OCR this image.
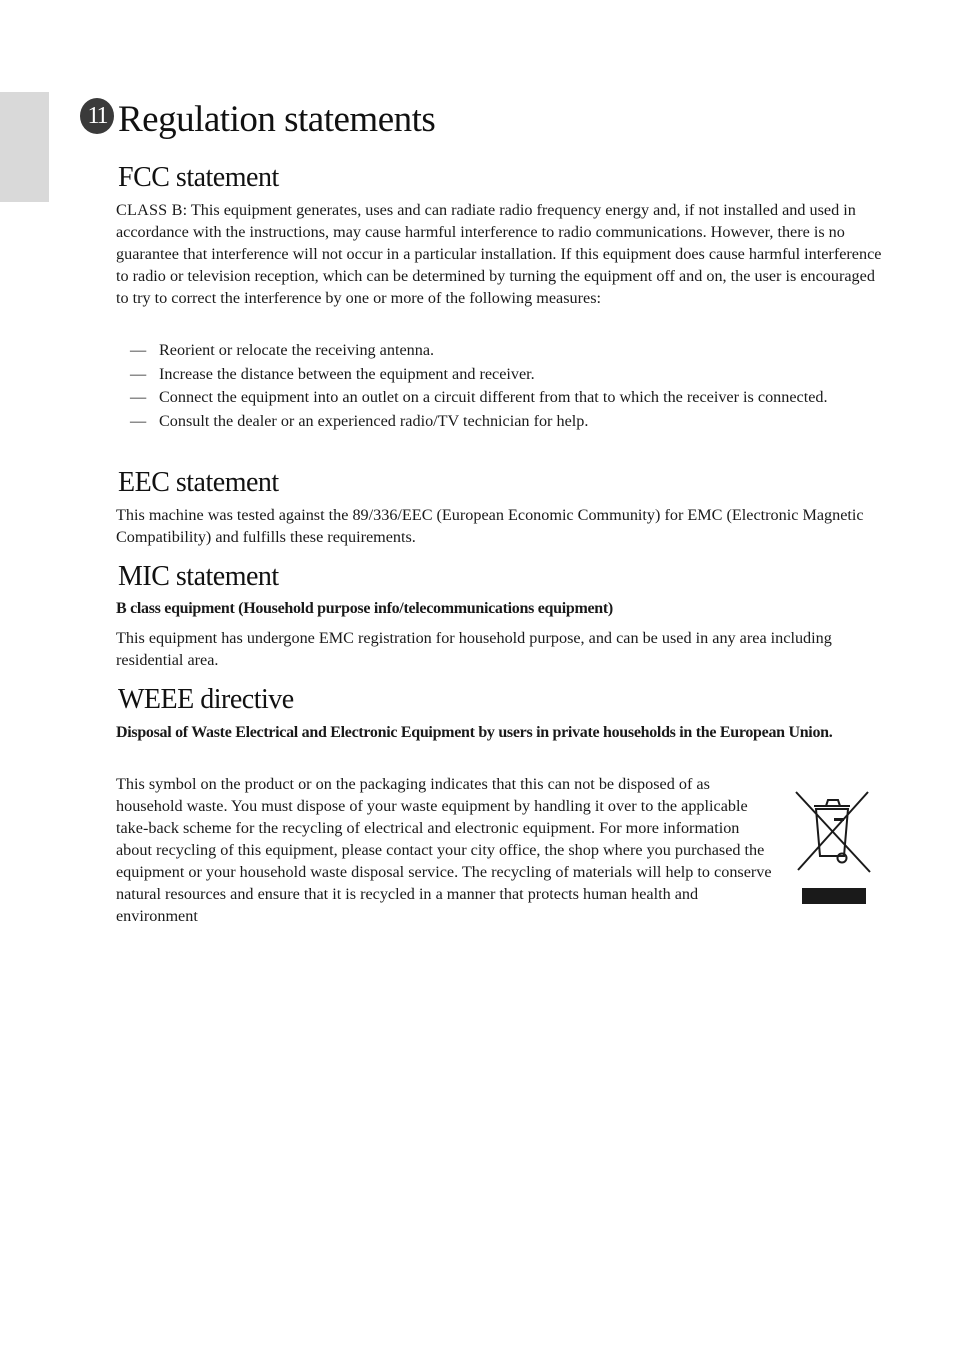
11 Regulation statements
FCC statement

CLASS B: This equipment generates, uses and can radiate radio frequency energy and, if not installed and used in accordance with the instructions, may cause harmful interference to radio communications. However, there is no guarantee that interference will not occur in a particular installation. If this equipment does cause harmful interference to radio or television reception, which can be determined by turning the equipment off and on, the user is encouraged to try to correct the interference by one or more of the following measures:

— Reorient or relocate the receiving antenna.
— Increase the distance between the equipment and receiver.
— Connect the equipment into an outlet on a circuit different from that to which the receiver is connected.
— Consult the dealer or an experienced radio/TV technician for help.
EEC statement

This machine was tested against the 89/336/EEC (European Economic Community) for EMC (Electronic Magnetic Compatibility) and fulfills these requirements.

MIC statement

B class equipment (Household purpose info/telecommunications equipment)

This equipment has undergone EMC registration for household purpose, and can be used in any area including residential area.

WEEE directive

Disposal of Waste Electrical and Electronic Equipment by users in private households in the European Union.

This symbol on the product or on the packaging indicates that this can not be disposed of as household waste. You must dispose of your waste equipment by handling it over to the applicable take-back scheme for the recycling of electrical and electronic equipment. For more information about recycling of this equipment, please contact your city office, the shop where you purchased the equipment or your household waste disposal service. The recycling of materials will help to conserve natural resources and ensure that it is recycled in a manner that protects human health and environment
